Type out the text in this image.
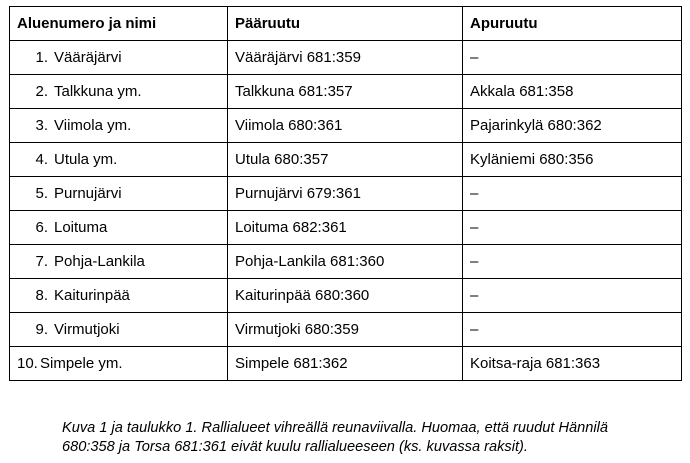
Aluenumero ja nimi	Pääruutu	Apuruutu
1. Vääräjärvi	Vääräjärvi 681:359	–
2. Talkkuna ym.	Talkkuna 681:357	Akkala 681:358
3. Viimola ym.	Viimola 680:361	Pajarinkylä 680:362
4. Utula ym.	Utula 680:357	Kyläniemi 680:356
5. Purnujärvi	Purnujärvi 679:361	–
6. Loituma	Loituma 682:361	–
7. Pohja-Lankila	Pohja-Lankila 681:360	–
8. Kaiturinpää	Kaiturinpää 680:360	–
9. Virmutjoki	Virmutjoki 680:359	–
10. Simpele ym.	Simpele 681:362	Koitsa-raja 681:363

Kuva 1 ja taulukko 1. Rallialueet vihreällä reunaviivalla. Huomaa, että ruudut Hännilä
680:358 ja Torsa 681:361 eivät kuulu rallialueeseen (ks. kuvassa raksit).
